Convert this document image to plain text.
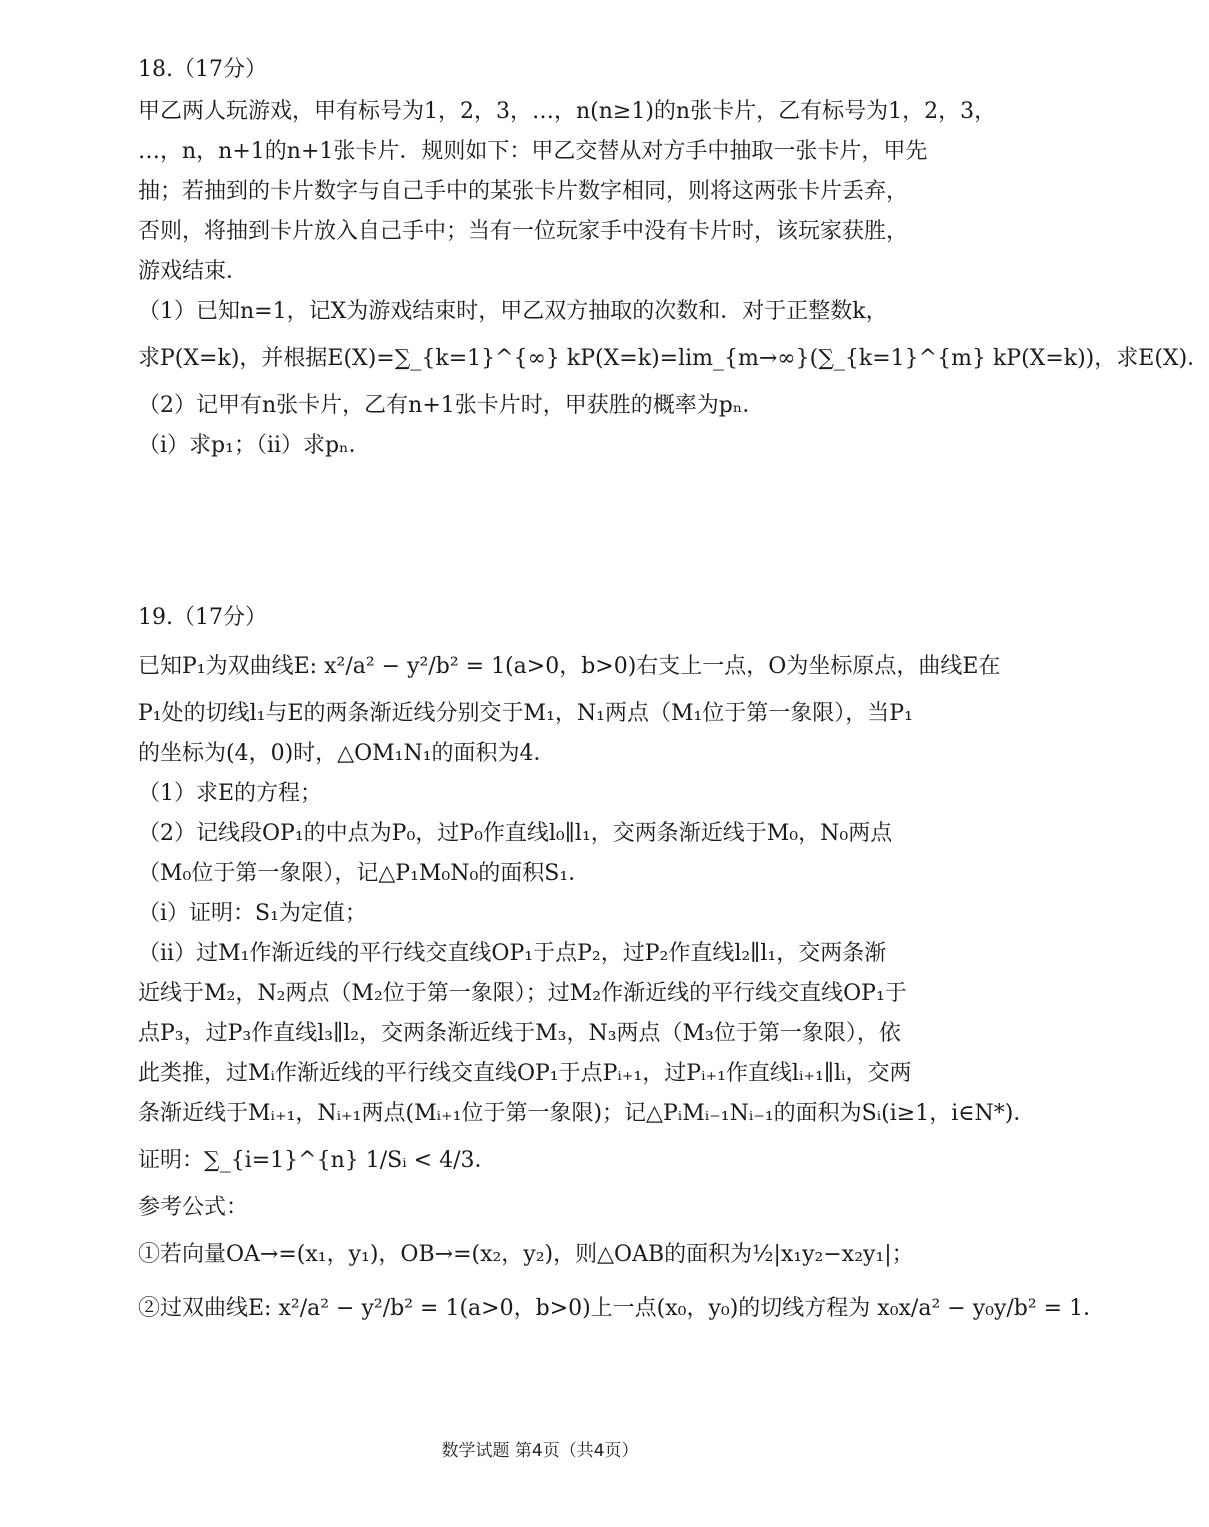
18.（17分）
甲乙两人玩游戏，甲有标号为1，2，3，…，n(n≥1)的n张卡片，乙有标号为1，2，3，
…，n，n+1的n+1张卡片．规则如下：甲乙交替从对方手中抽取一张卡片，甲先
抽；若抽到的卡片数字与自己手中的某张卡片数字相同，则将这两张卡片丢弃，
否则，将抽到卡片放入自己手中；当有一位玩家手中没有卡片时，该玩家获胜，
游戏结束．
（1）已知n=1，记X为游戏结束时，甲乙双方抽取的次数和．对于正整数k，
求P(X=k)，并根据E(X)=∑_{k=1}^{∞} kP(X=k)=lim_{m→∞}(∑_{k=1}^{m} kP(X=k))，求E(X)．
（2）记甲有n张卡片，乙有n+1张卡片时，甲获胜的概率为pₙ．
（i）求p₁；（ii）求pₙ．
19.（17分）
已知P₁为双曲线E: x²/a² − y²/b² = 1(a>0，b>0)右支上一点，O为坐标原点，曲线E在
P₁处的切线l₁与E的两条渐近线分别交于M₁，N₁两点（M₁位于第一象限），当P₁
的坐标为(4，0)时，△OM₁N₁的面积为4．
（1）求E的方程；
（2）记线段OP₁的中点为P₀，过P₀作直线l₀∥l₁，交两条渐近线于M₀，N₀两点
（M₀位于第一象限），记△P₁M₀N₀的面积S₁．
（i）证明：S₁为定值；
（ii）过M₁作渐近线的平行线交直线OP₁于点P₂，过P₂作直线l₂∥l₁，交两条渐
近线于M₂，N₂两点（M₂位于第一象限）；过M₂作渐近线的平行线交直线OP₁于
点P₃，过P₃作直线l₃∥l₂，交两条渐近线于M₃，N₃两点（M₃位于第一象限），依
此类推，过Mᵢ作渐近线的平行线交直线OP₁于点Pᵢ₊₁，过Pᵢ₊₁作直线lᵢ₊₁∥lᵢ，交两
条渐近线于Mᵢ₊₁，Nᵢ₊₁两点(Mᵢ₊₁位于第一象限)；记△PᵢMᵢ₋₁Nᵢ₋₁的面积为Sᵢ(i≥1，i∈N*)．
证明：∑_{i=1}^{n} 1/Sᵢ < 4/3．
参考公式：
①若向量OA→=(x₁，y₁)，OB→=(x₂，y₂)，则△OAB的面积为½|x₁y₂−x₂y₁|；
②过双曲线E: x²/a² − y²/b² = 1(a>0，b>0)上一点(x₀，y₀)的切线方程为 x₀x/a² − y₀y/b² = 1．
数学试题 第4页（共4页）
